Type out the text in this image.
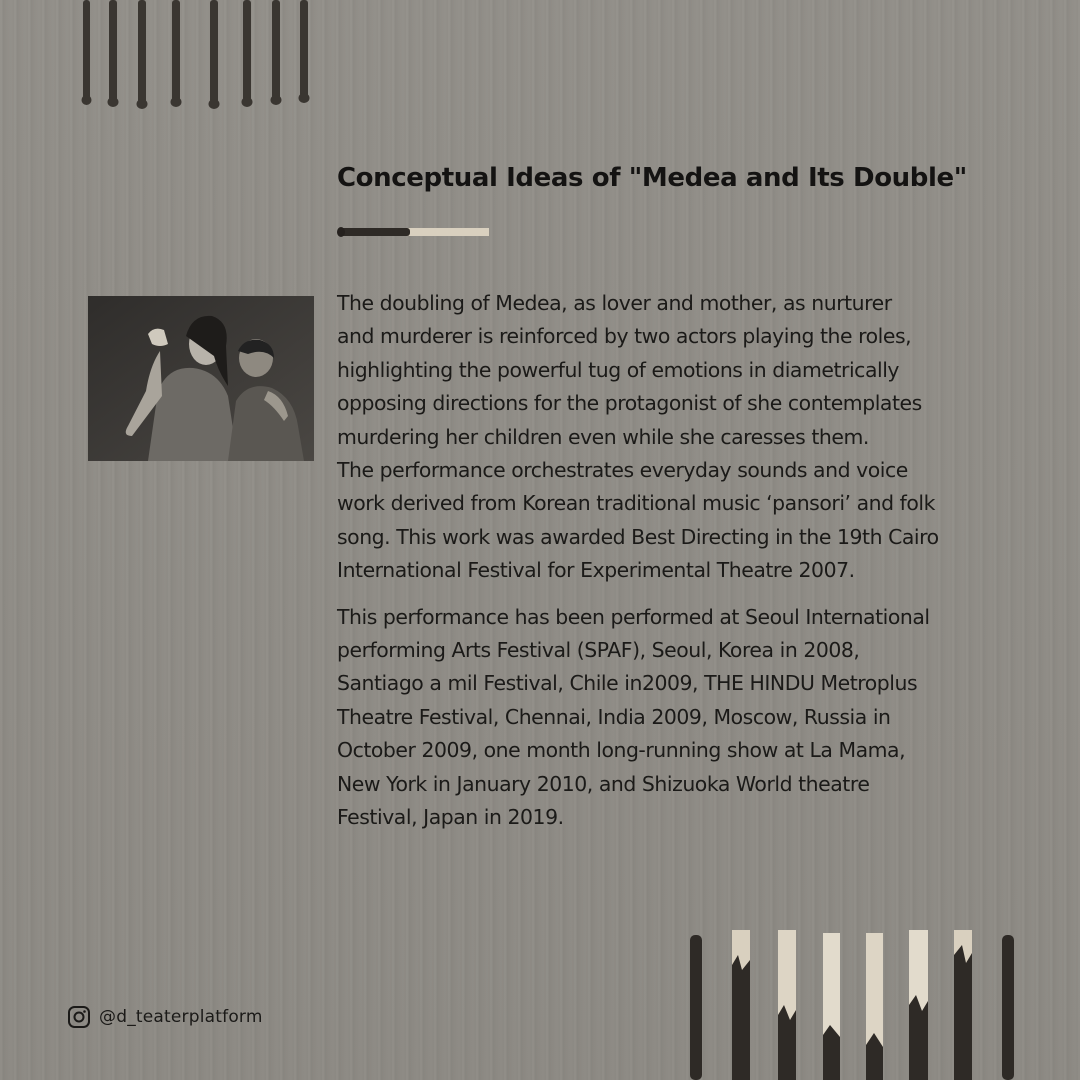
Conceptual Ideas of "Medea and Its Double"

The doubling of Medea, as lover and mother, as nurturer
and murderer is reinforced by two actors playing the roles,
highlighting the powerful tug of emotions in diametrically
opposing directions for the protagonist of she contemplates
murdering her children even while she caresses them.
The performance orchestrates everyday sounds and voice
work derived from Korean traditional music ‘pansori’ and folk
song. This work was awarded Best Directing in the 19th Cairo
International Festival for Experimental Theatre 2007.

This performance has been performed at Seoul International
performing Arts Festival (SPAF), Seoul, Korea in 2008,
Santiago a mil Festival, Chile in2009, THE HINDU Metroplus
Theatre Festival, Chennai, India 2009, Moscow, Russia in
October 2009, one month long-running show at La Mama,
New York in January 2010, and Shizuoka World theatre
Festival, Japan in 2019.

@d_teaterplatform
